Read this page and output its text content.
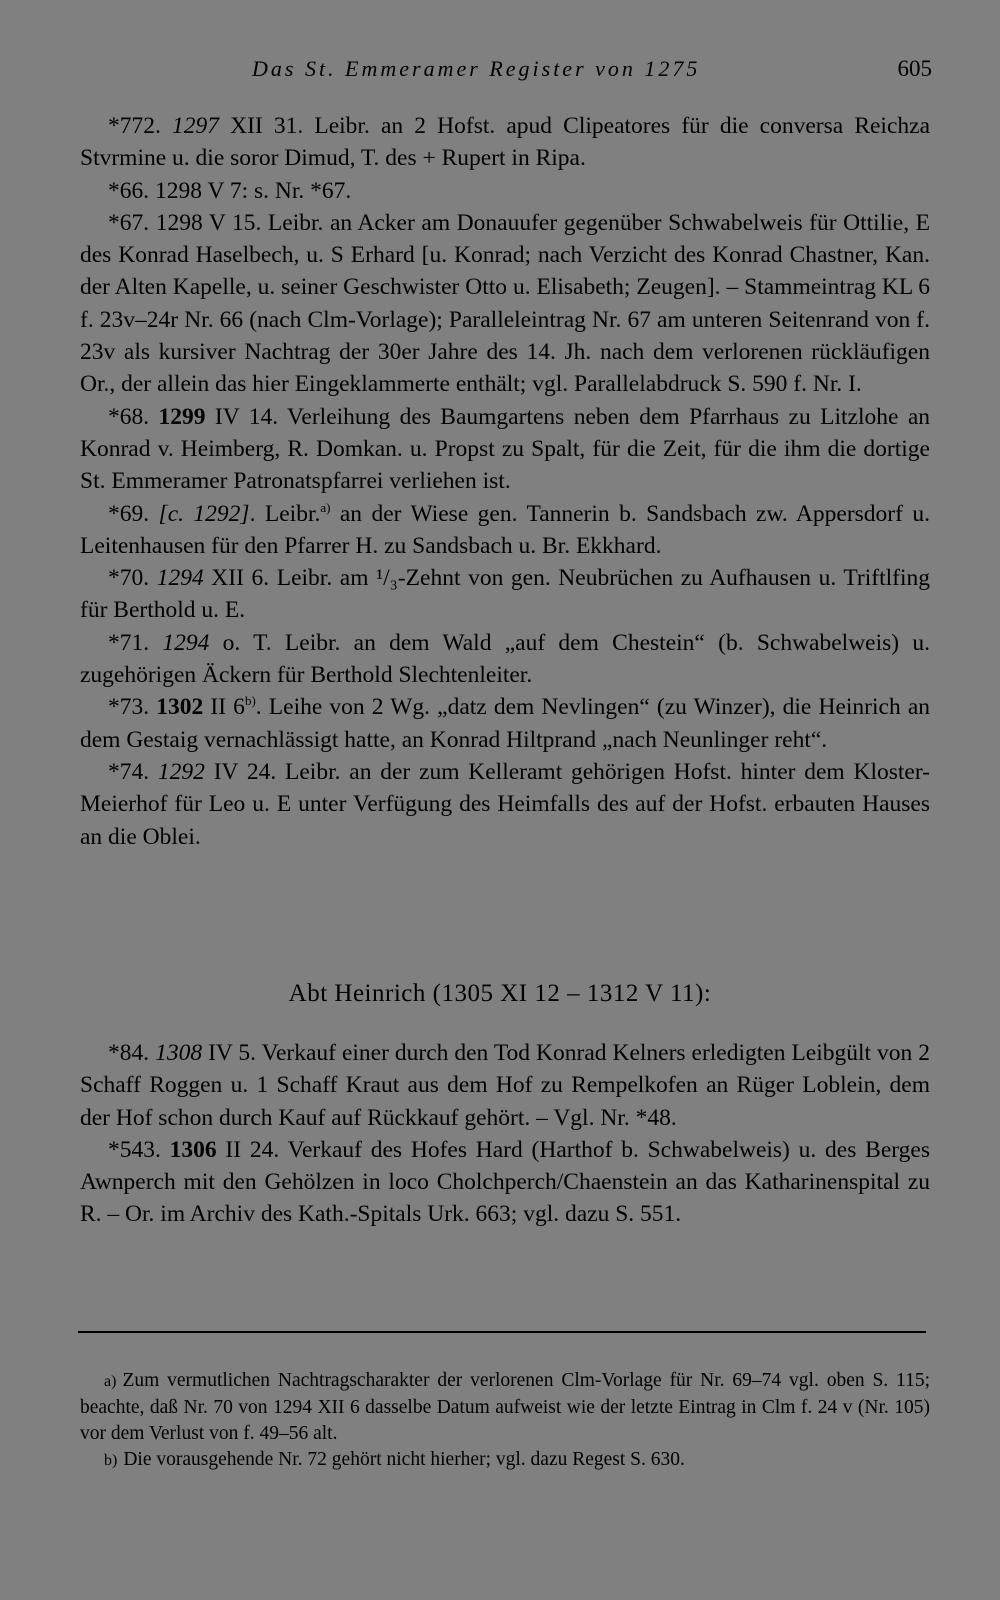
Das St. Emmeramer Register von 1275	605

*772. 1297 XII 31. Leibr. an 2 Hofst. apud Clipeatores für die conversa Reichza Stvrmine u. die soror Dimud, T. des + Rupert in Ripa.

*66. 1298 V 7: s. Nr. *67.

*67. 1298 V 15. Leibr. an Acker am Donauufer gegenüber Schwabelweis für Ottilie, E des Konrad Haselbech, u. S Erhard [u. Konrad; nach Verzicht des Konrad Chastner, Kan. der Alten Kapelle, u. seiner Geschwister Otto u. Elisabeth; Zeugen]. – Stammeintrag KL 6 f. 23v–24r Nr. 66 (nach Clm-Vorlage); Paralleleintrag Nr. 67 am unteren Seitenrand von f. 23v als kursiver Nachtrag der 30er Jahre des 14. Jh. nach dem verlorenen rückläufigen Or., der allein das hier Eingeklammerte enthält; vgl. Parallelabdruck S. 590 f. Nr. I.

*68. 1299 IV 14. Verleihung des Baumgartens neben dem Pfarrhaus zu Litzlohe an Konrad v. Heimberg, R. Domkan. u. Propst zu Spalt, für die Zeit, für die ihm die dortige St. Emmeramer Patronatspfarrei verliehen ist.

*69. [c. 1292]. Leibr.$^{a)}$ an der Wiese gen. Tannerin b. Sandsbach zw. Appersdorf u. Leitenhausen für den Pfarrer H. zu Sandsbach u. Br. Ekkhard.

*70. 1294 XII 6. Leibr. am ¹/₃-Zehnt von gen. Neubrüchen zu Aufhausen u. Triftlfing für Berthold u. E.

*71. 1294 o. T. Leibr. an dem Wald „auf dem Chestein“ (b. Schwabelweis) u. zugehörigen Äckern für Berthold Slechtenleiter.

*73. 1302 II 6$^{b)}$. Leihe von 2 Wg. „datz dem Nevlingen“ (zu Winzer), die Heinrich an dem Gestaig vernachlässigt hatte, an Konrad Hiltprand „nach Neunlinger reht“.

*74. 1292 IV 24. Leibr. an der zum Kelleramt gehörigen Hofst. hinter dem Kloster-Meierhof für Leo u. E unter Verfügung des Heimfalls des auf der Hofst. erbauten Hauses an die Oblei.

Abt Heinrich (1305 XI 12 – 1312 V 11):

*84. 1308 IV 5. Verkauf einer durch den Tod Konrad Kelners erledigten Leibgült von 2 Schaff Roggen u. 1 Schaff Kraut aus dem Hof zu Rempelkofen an Rüger Loblein, dem der Hof schon durch Kauf auf Rückkauf gehört. – Vgl. Nr. *48.

*543. 1306 II 24. Verkauf des Hofes Hard (Harthof b. Schwabelweis) u. des Berges Awnperch mit den Gehölzen in loco Cholchperch/Chaenstein an das Katharinenspital zu R. – Or. im Archiv des Kath.-Spitals Urk. 663; vgl. dazu S. 551.

a) Zum vermutlichen Nachtragscharakter der verlorenen Clm-Vorlage für Nr. 69–74 vgl. oben S. 115; beachte, daß Nr. 70 von 1294 XII 6 dasselbe Datum aufweist wie der letzte Eintrag in Clm f. 24 v (Nr. 105) vor dem Verlust von f. 49–56 alt.

b) Die vorausgehende Nr. 72 gehört nicht hierher; vgl. dazu Regest S. 630.
